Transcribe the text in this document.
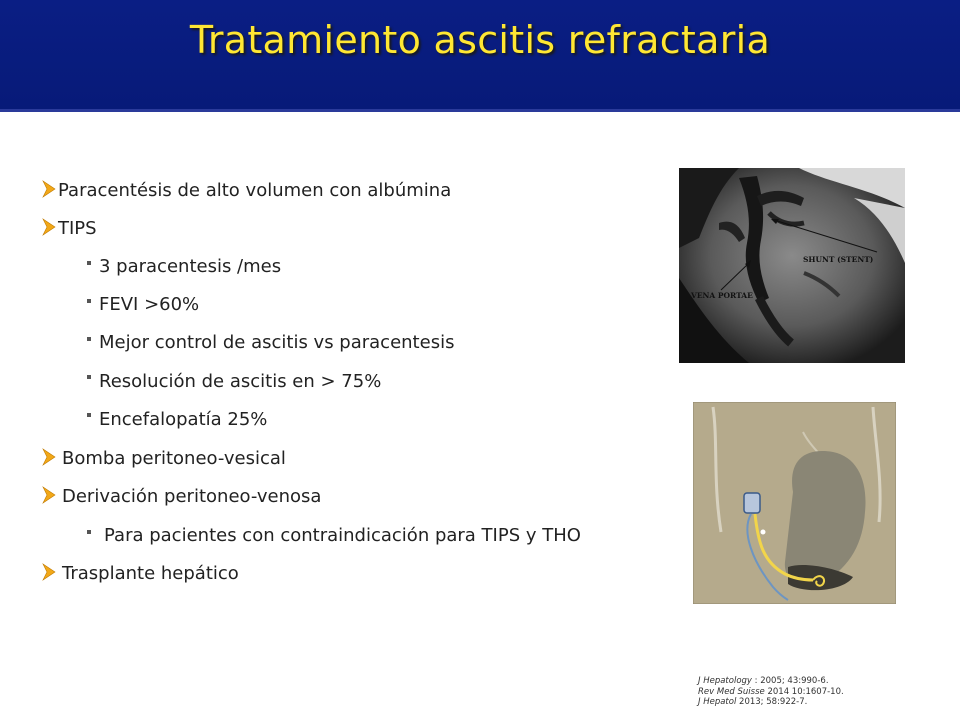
Tratamiento ascitis refractaria
Paracentésis de alto volumen con albúmina
TIPS
3 paracentesis /mes
FEVI >60%
Mejor control de ascitis vs paracentesis
Resolución de ascitis en > 75%
Encefalopatía 25%
Bomba peritoneo-vesical
Derivación peritoneo-venosa
Para pacientes con contraindicación para TIPS y THO
Trasplante hepático
SHUNT (STENT)
VENA PORTAE
J Hepatology : 2005; 43:990-6.
Rev Med Suisse 2014 10:1607-10.
J Hepatol 2013; 58:922-7.
